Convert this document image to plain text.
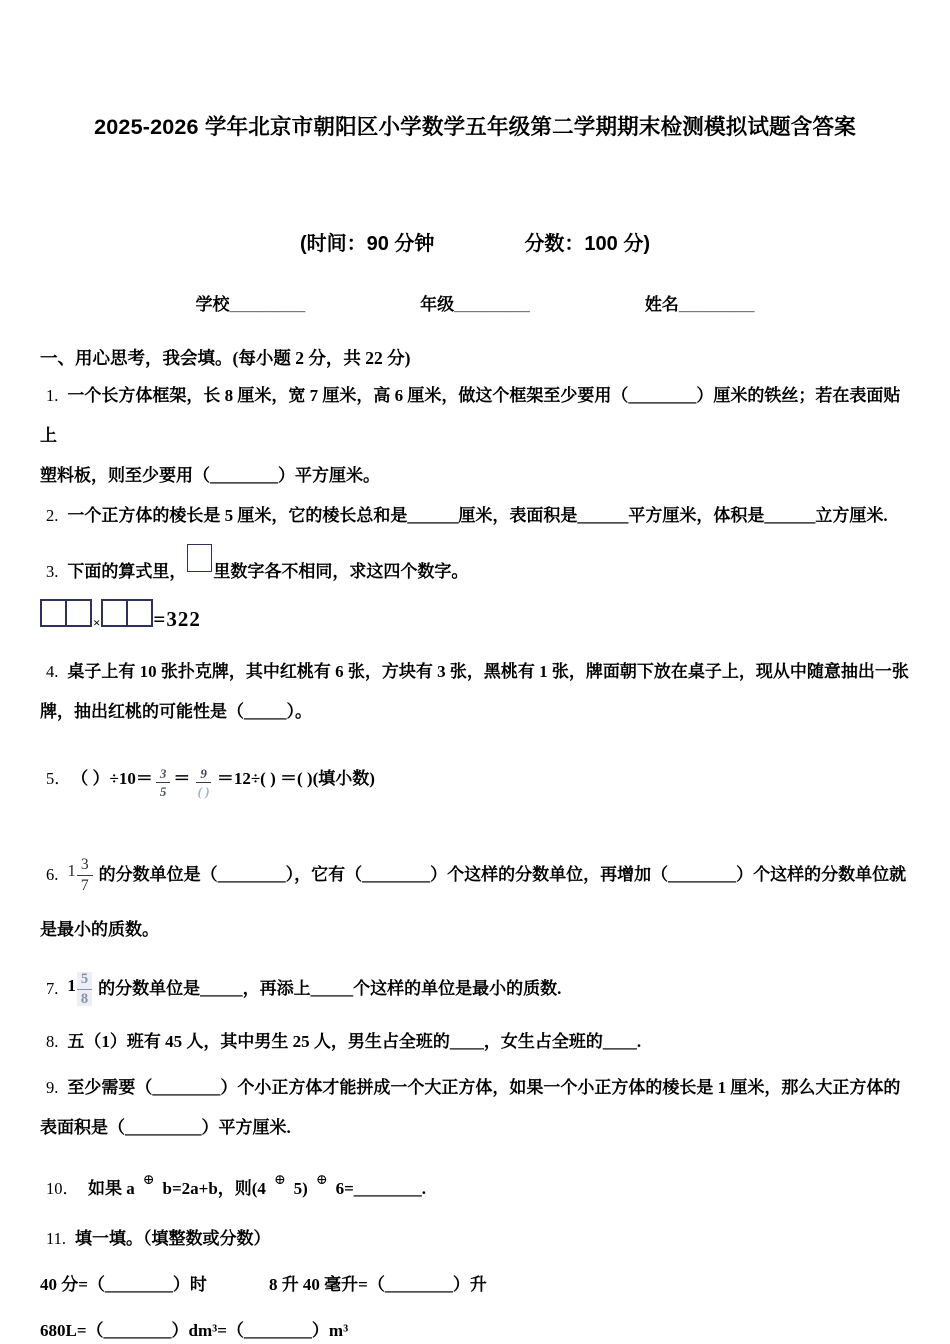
2025-2026 学年北京市朝阳区小学数学五年级第二学期期末检测模拟试题含答案
(时间：90 分钟	分数：100 分)
学校________	年级________	姓名________
一、用心思考，我会填。(每小题 2 分，共 22 分)
1. 一个长方体框架，长 8 厘米，宽 7 厘米，高 6 厘米，做这个框架至少要用（________）厘米的铁丝；若在表面贴上
塑料板，则至少要用（________）平方厘米。
2. 一个正方体的棱长是 5 厘米，它的棱长总和是______厘米，表面积是______平方厘米，体积是______立方厘米.
3. 下面的算式里， 里数字各不相同，求这四个数字。
×	=322
4. 桌子上有 10 张扑克牌，其中红桃有 6 张，方块有 3 张，黑桃有 1 张，牌面朝下放在桌子上，现从中随意抽出一张
牌，抽出红桃的可能性是（_____）。
5． （ ）$\div 10= \frac{3}{5} = \frac{9}{( )} =12\div$( ) ＝( )(填小数)
6. $1 \frac{3}{7}$ 的分数单位是（________），它有（________）个这样的分数单位，再增加（________）个这样的分数单位就
是最小的质数。
7. $1 \frac{5}{8}$ 的分数单位是_____，再添上_____个这样的单位是最小的质数.
8. 五（1）班有 45 人，其中男生 25 人，男生占全班的____，女生占全班的____.
9. 至少需要（________）个小正方体才能拼成一个大正方体，如果一个小正方体的棱长是 1 厘米，那么大正方体的
表面积是（_________）平方厘米.
10． 如果 a ⊕ b=2a+b，则(4 ⊕ 5) ⊕ 6=________.
11. 填一填。（填整数或分数）
40 分=（________）时	8 升 40 毫升=（________）升
680L=（________）dm³=（________）m³
